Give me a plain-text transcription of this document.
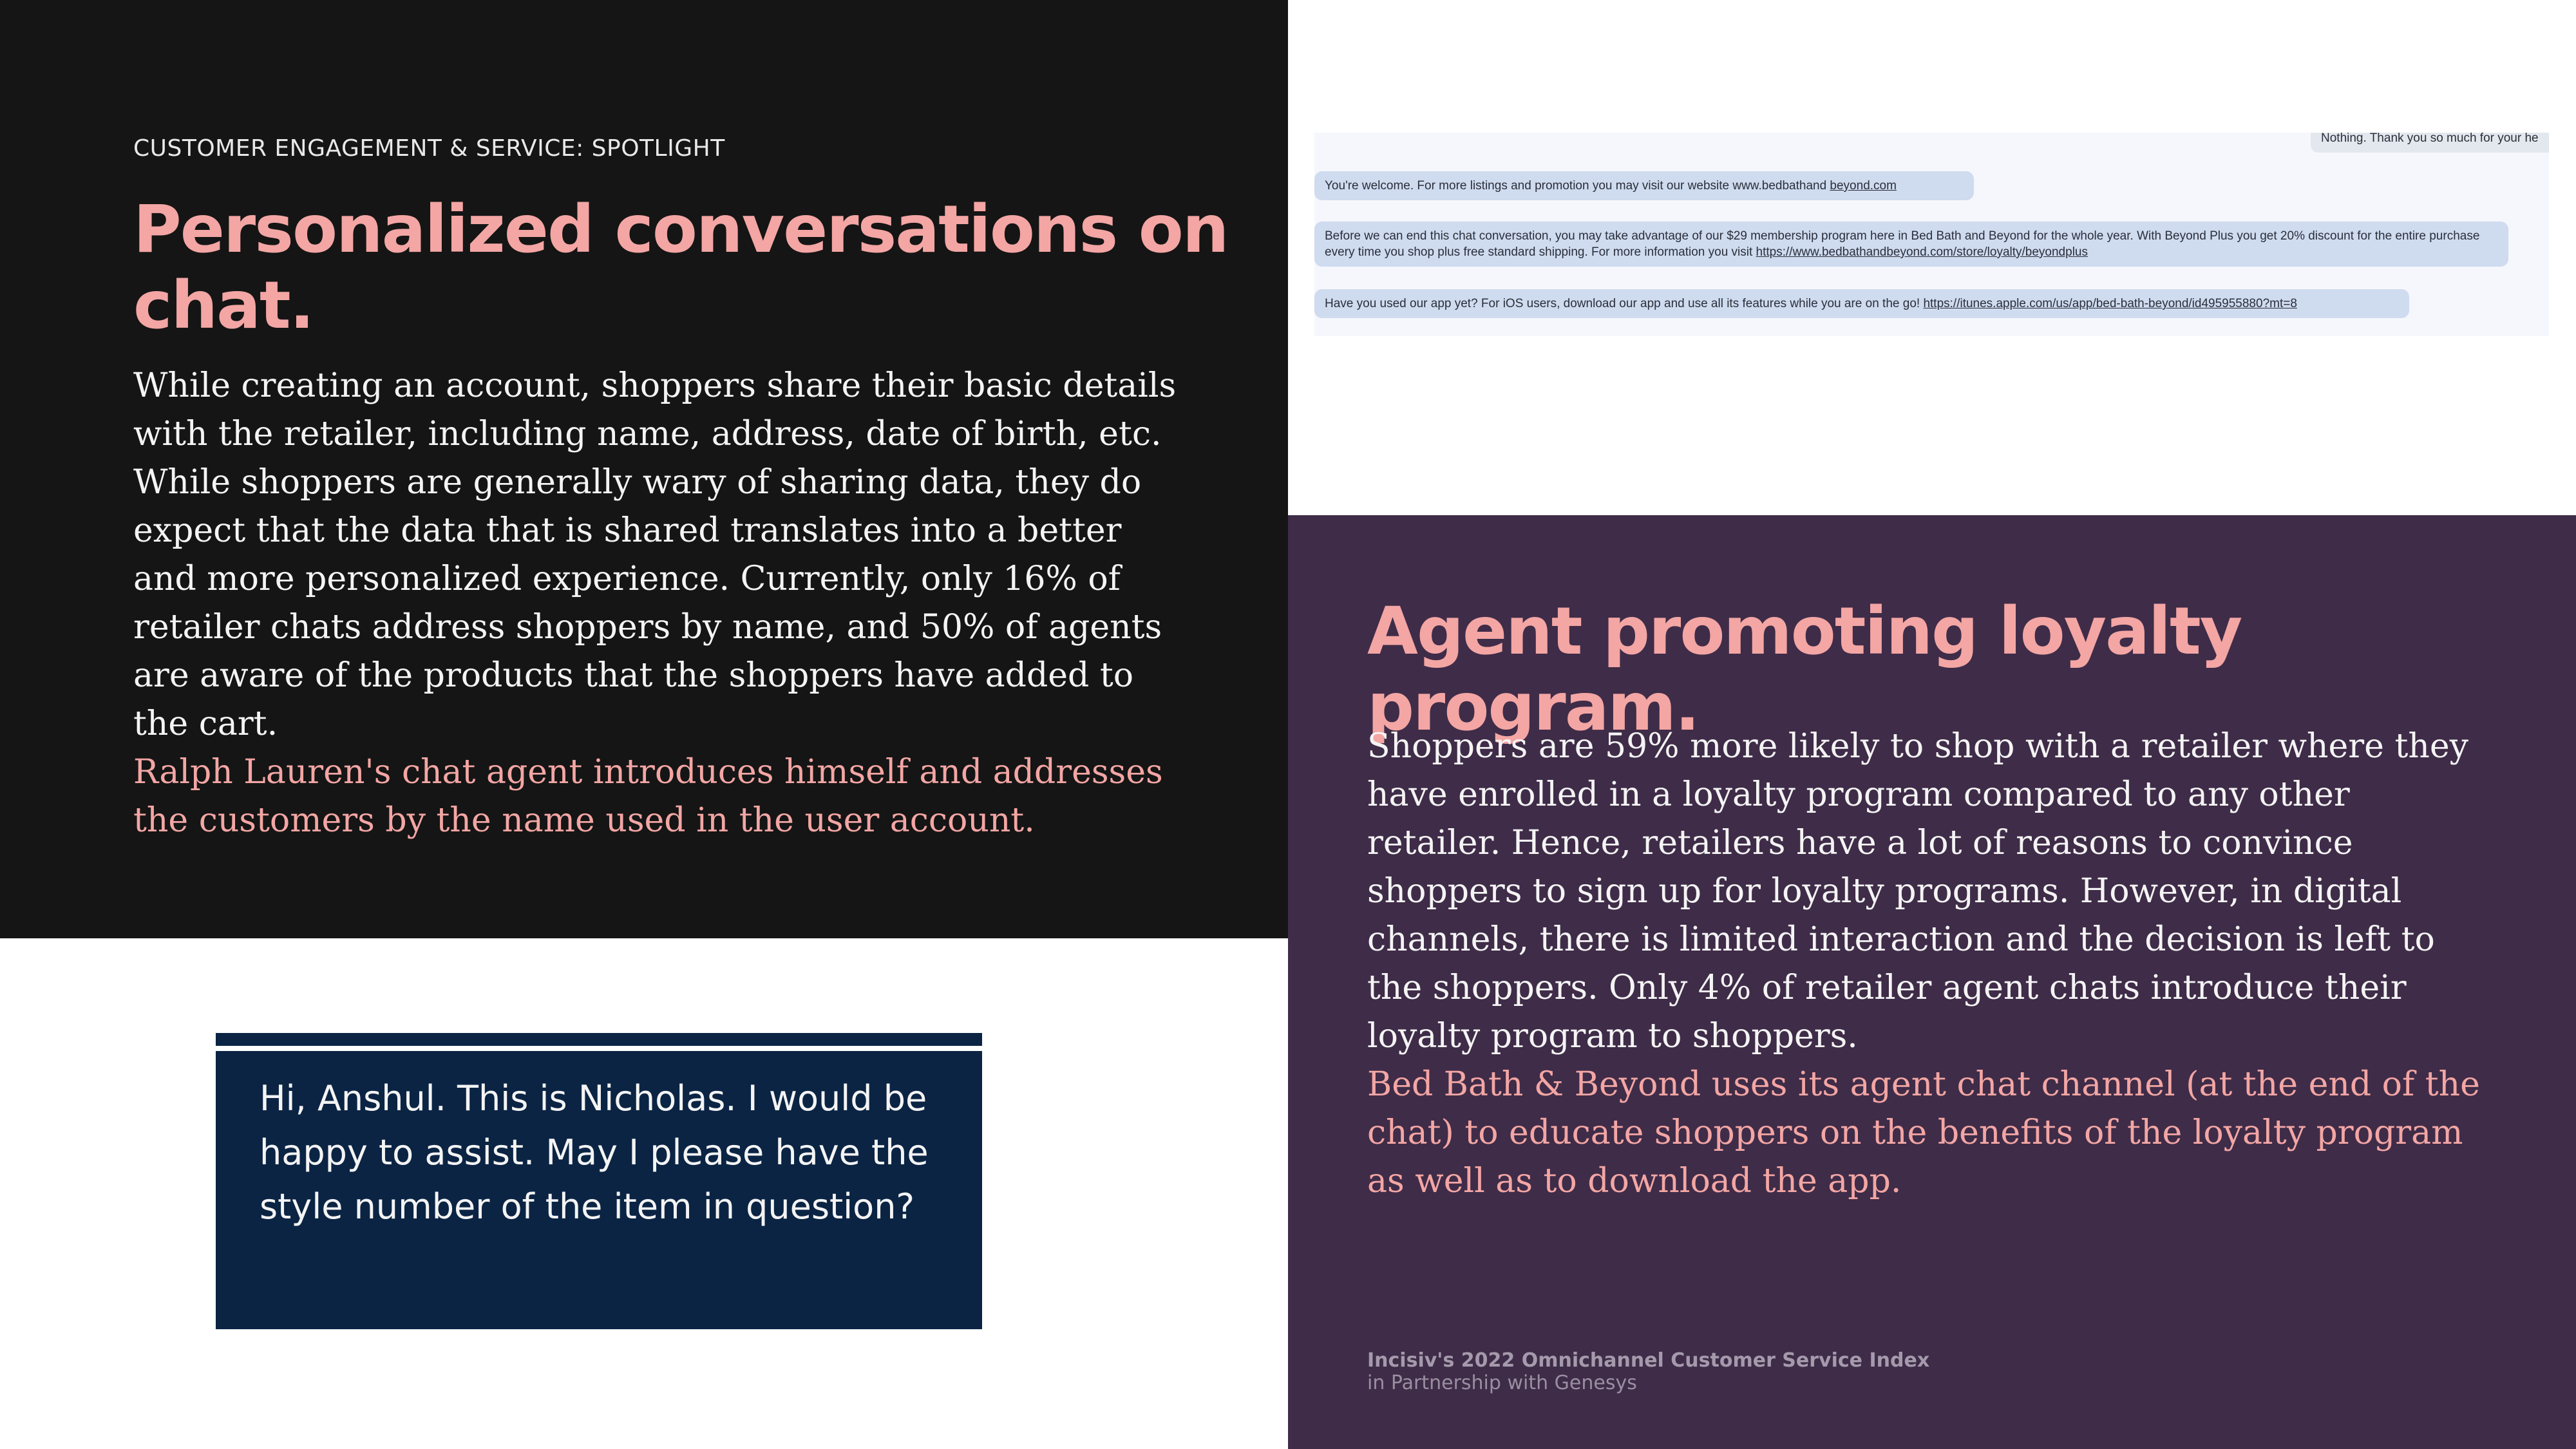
CUSTOMER ENGAGEMENT & SERVICE: SPOTLIGHT
Personalized conversations on chat.

While creating an account, shoppers share their basic details with the retailer, including name, address, date of birth, etc. While shoppers are generally wary of sharing data, they do expect that the data that is shared translates into a better and more personalized experience. Currently, only 16% of retailer chats address shoppers by name, and 50% of agents are aware of the products that the shoppers have added to the cart.

Ralph Lauren's chat agent introduces himself and addresses the customers by the name used in the user account.

Nothing. Thank you so much for your he
You're welcome. For more listings and promotion you may visit our website www.bedbathand beyond.com
Before we can end this chat conversation, you may take advantage of our $29 membership program here in Bed Bath and Beyond for the whole year. With Beyond Plus you get 20% discount for the entire purchase every time you shop plus free standard shipping. For more information you visit https://www.bedbathandbeyond.com/store/loyalty/beyondplus
Have you used our app yet? For iOS users, download our app and use all its features while you are on the go! https://itunes.apple.com/us/app/bed-bath-beyond/id495955880?mt=8
Agent promoting loyalty program.

Shoppers are 59% more likely to shop with a retailer where they have enrolled in a loyalty program compared to any other retailer. Hence, retailers have a lot of reasons to convince shoppers to sign up for loyalty programs. However, in digital channels, there is limited interaction and the decision is left to the shoppers. Only 4% of retailer agent chats introduce their loyalty program to shoppers.

Bed Bath & Beyond uses its agent chat channel (at the end of the chat) to educate shoppers on the benefits of the loyalty program as well as to download the app.

Incisiv's 2022 Omnichannel Customer Service Index
in Partnership with Genesys

Hi, Anshul. This is Nicholas. I would be happy to assist. May I please have the style number of the item in question?
